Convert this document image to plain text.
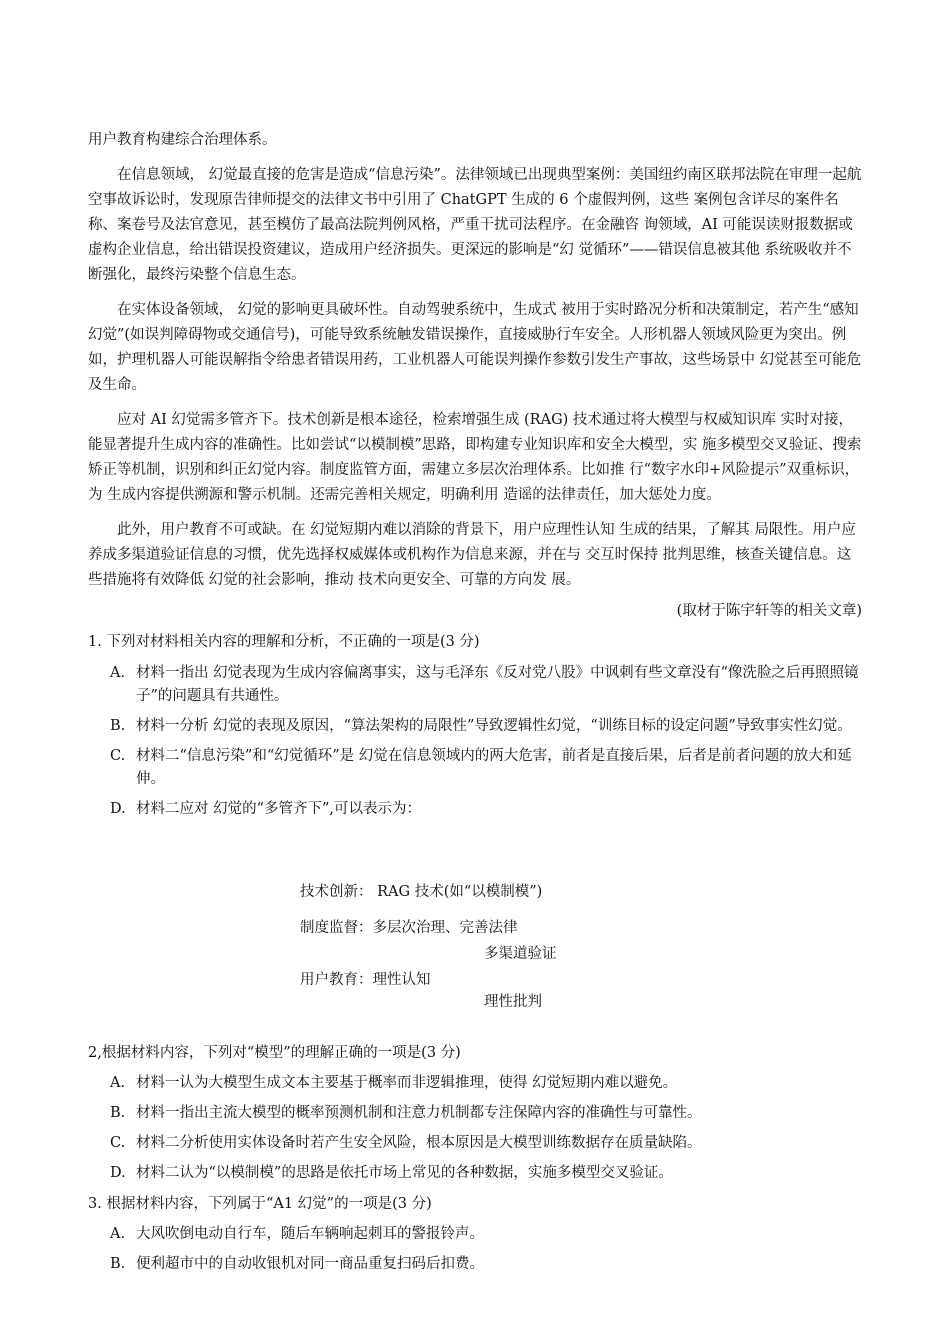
用户教育构建综合治理体系。

在信息领域， 幻觉最直接的危害是造成“信息污染”。法律领域已出现典型案例：美国纽约南区联邦法院在审理一起航空事故诉讼时，发现原告律师提交的法律文书中引用了 ChatGPT 生成的 6 个虚假判例，这些 案例包含详尽的案件名称、案卷号及法官意见，甚至模仿了最高法院判例风格，严重干扰司法程序。在金融咨 询领域，AI 可能误读财报数据或虚构企业信息，给出错误投资建议，造成用户经济损失。更深远的影响是“幻 觉循环”——错误信息被其他 系统吸收并不断强化，最终污染整个信息生态。

在实体设备领域， 幻觉的影响更具破坏性。自动驾驶系统中，生成式 被用于实时路况分析和决策制定，若产生“感知幻觉”(如误判障碍物或交通信号)，可能导致系统触发错误操作，直接威胁行车安全。人形机器人领域风险更为突出。例如，护理机器人可能误解指令给患者错误用药，工业机器人可能误判操作参数引发生产事故，这些场景中 幻觉甚至可能危及生命。

应对 AI 幻觉需多管齐下。技术创新是根本途径，检索增强生成 (RAG) 技术通过将大模型与权威知识库 实时对接，能显著提升生成内容的准确性。比如尝试“以模制模”思路，即构建专业知识库和安全大模型，实 施多模型交叉验证、搜索矫正等机制，识别和纠正幻觉内容。制度监管方面，需建立多层次治理体系。比如推 行“数字水印+风险提示”双重标识，为 生成内容提供溯源和警示机制。还需完善相关规定，明确利用 造谣的法律责任，加大惩处力度。

此外，用户教育不可或缺。在 幻觉短期内难以消除的背景下，用户应理性认知 生成的结果，了解其 局限性。用户应养成多渠道验证信息的习惯，优先选择权威媒体或机构作为信息来源，并在与 交互时保持 批判思维，核查关键信息。这些措施将有效降低 幻觉的社会影响，推动 技术向更安全、可靠的方向发 展。

(取材于陈宇轩等的相关文章)
1. 下列对材料相关内容的理解和分析，不正确的一项是(3 分)
A. 材料一指出 幻觉表现为生成内容偏离事实，这与毛泽东《反对党八股》中讽刺有些文章没有“像洗脸之后再照照镜子”的问题具有共通性。
B. 材料一分析 幻觉的表现及原因，“算法架构的局限性”导致逻辑性幻觉，“训练目标的设定问题”导致事实性幻觉。
C. 材料二“信息污染”和“幻觉循环”是 幻觉在信息领域内的两大危害，前者是直接后果，后者是前者问题的放大和延伸。
D. 材料二应对 幻觉的“多管齐下”,可以表示为：
技术创新： RAG 技术(如“以模制模”)
制度监督：多层次治理、完善法律
多渠道验证
用户教育：理性认知
理性批判
2,根据材料内容，下列对“模型”的理解正确的一项是(3 分)
A. 材料一认为大模型生成文本主要基于概率而非逻辑推理，使得 幻觉短期内难以避免。
B. 材料一指出主流大模型的概率预测机制和注意力机制都专注保障内容的准确性与可靠性。
C. 材料二分析使用实体设备时若产生安全风险，根本原因是大模型训练数据存在质量缺陷。
D. 材料二认为“以模制模”的思路是依托市场上常见的各种数据，实施多模型交叉验证。
3. 根据材料内容，下列属于“A1 幻觉”的一项是(3 分)
A. 大风吹倒电动自行车，随后车辆响起刺耳的警报铃声。
B. 便利超市中的自动收银机对同一商品重复扫码后扣费。
